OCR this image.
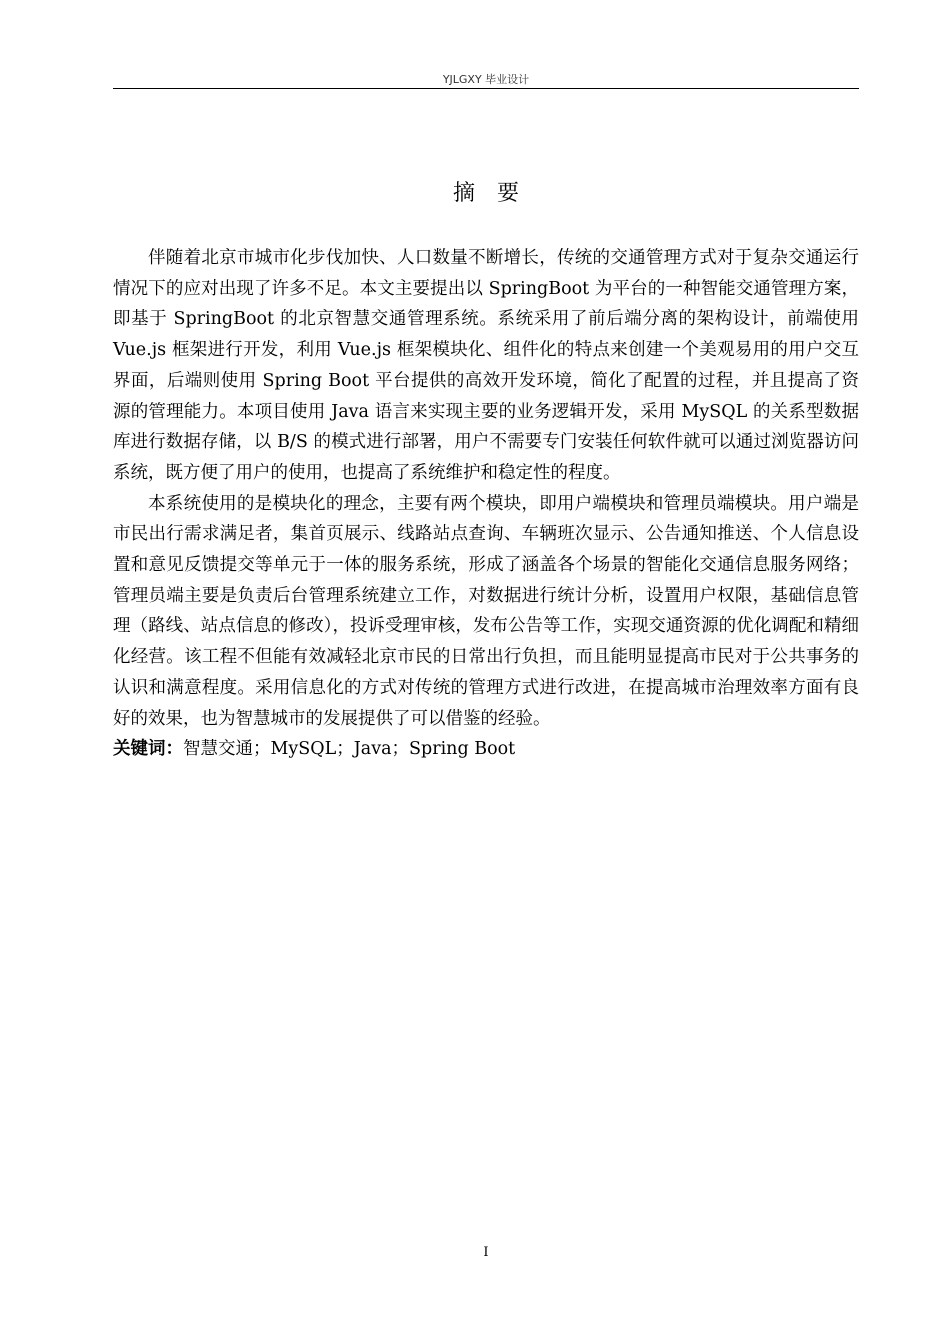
YJLGXY 毕业设计
摘要

伴随着北京市城市化步伐加快、人口数量不断增长，传统的交通管理方式对于复杂交通运行情况下的应对出现了许多不足。本文主要提出以 SpringBoot 为平台的一种智能交通管理方案，即基于 SpringBoot 的北京智慧交通管理系统。系统采用了前后端分离的架构设计，前端使用 Vue.js 框架进行开发，利用 Vue.js 框架模块化、组件化的特点来创建一个美观易用的用户交互界面，后端则使用 Spring Boot 平台提供的高效开发环境，简化了配置的过程，并且提高了资源的管理能力。本项目使用 Java 语言来实现主要的业务逻辑开发，采用 MySQL 的关系型数据库进行数据存储，以 B/S 的模式进行部署，用户不需要专门安装任何软件就可以通过浏览器访问系统，既方便了用户的使用，也提高了系统维护和稳定性的程度。

本系统使用的是模块化的理念，主要有两个模块，即用户端模块和管理员端模块。用户端是市民出行需求满足者，集首页展示、线路站点查询、车辆班次显示、公告通知推送、个人信息设置和意见反馈提交等单元于一体的服务系统，形成了涵盖各个场景的智能化交通信息服务网络；管理员端主要是负责后台管理系统建立工作，对数据进行统计分析，设置用户权限，基础信息管理（路线、站点信息的修改），投诉受理审核，发布公告等工作，实现交通资源的优化调配和精细化经营。该工程不但能有效减轻北京市民的日常出行负担，而且能明显提高市民对于公共事务的认识和满意程度。采用信息化的方式对传统的管理方式进行改进，在提高城市治理效率方面有良好的效果，也为智慧城市的发展提供了可以借鉴的经验。

关键词：智慧交通；MySQL；Java；Spring Boot

I
